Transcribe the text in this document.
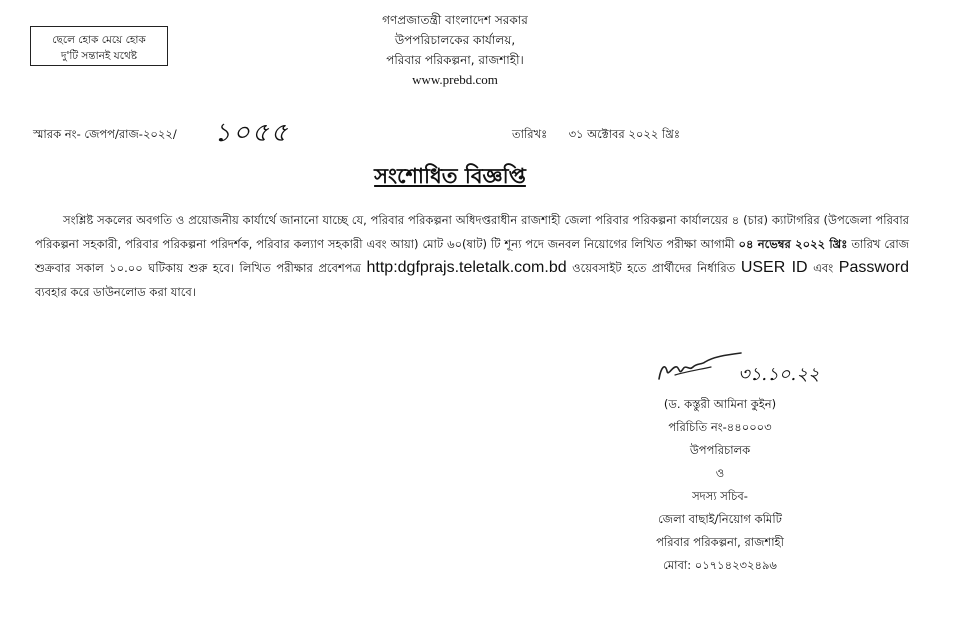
ছেলে হোক মেয়ে হোক
দু'টি সন্তানই যথেষ্ট
গণপ্রজাতন্ত্রী বাংলাদেশ সরকার
উপপরিচালকের কার্যালয়,
পরিবার পরিকল্পনা, রাজশাহী।
www.prebd.com
স্মারক নং- জেপপ/রাজ-২০২২/ ১০৫৫	তারিখঃ ৩১ অক্টোবর ২০২২ খ্রিঃ
সংশোধিত বিজ্ঞপ্তি

সংশ্লিষ্ট সকলের অবগতি ও প্রয়োজনীয় কার্যার্থে জানানো যাচ্ছে যে, পরিবার পরিকল্পনা অধিদপ্তরাধীন রাজশাহী জেলা পরিবার পরিকল্পনা কার্যালয়ের ৪ (চার) ক্যাটাগরির (উপজেলা পরিবার পরিকল্পনা সহকারী, পরিবার পরিকল্পনা পরিদর্শক, পরিবার কল্যাণ সহকারী এবং আয়া) মোট ৬০(ষাট) টি শূন্য পদে জনবল নিয়োগের লিখিত পরীক্ষা আগামী ০৪ নভেম্বর ২০২২ খ্রিঃ তারিখ রোজ শুক্রবার সকাল ১০.০০ ঘটিকায় শুরু হবে। লিখিত পরীক্ষার প্রবেশপত্র http:dgfprajs.teletalk.com.bd ওয়েবসাইট হতে প্রার্থীদের নির্ধারিত USER ID এবং Password ব্যবহার করে ডাউনলোড করা যাবে।

৩১.১০.২২
(ড. কস্তুরী আমিনা কুইন)
পরিচিতি নং-৪৪০০০৩
উপপরিচালক
ও
সদস্য সচিব-
জেলা বাছাই/নিয়োগ কমিটি
পরিবার পরিকল্পনা, রাজশাহী
মোবা: ০১৭১৪২৩২৪৯৬
